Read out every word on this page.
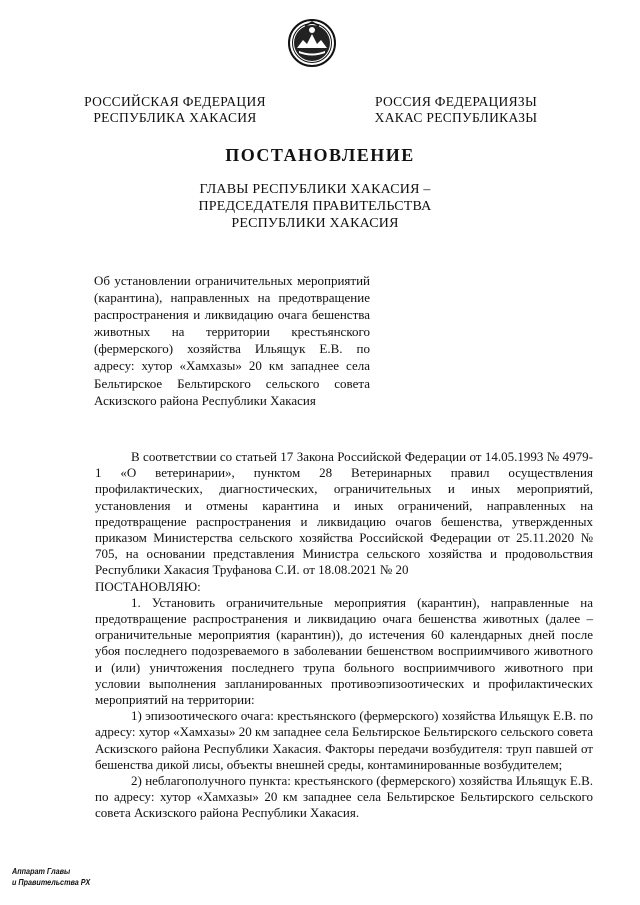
РОССИЙСКАЯ ФЕДЕРАЦИЯ
РЕСПУБЛИКА ХАКАСИЯ
РОССИЯ ФЕДЕРАЦИЯЗЫ
ХАКАС РЕСПУБЛИКАЗЫ
ПОСТАНОВЛЕНИЕ
ГЛАВЫ РЕСПУБЛИКИ ХАКАСИЯ –
ПРЕДСЕДАТЕЛЯ ПРАВИТЕЛЬСТВА
РЕСПУБЛИКИ ХАКАСИЯ
Об установлении ограничительных мероприятий (карантина), направленных на предотвращение распространения и ликвидацию очага бешенства животных на территории крестьянского (фермерского) хозяйства Ильящук Е.В. по адресу: хутор «Хамхазы» 20 км западнее села Бельтирское Бельтирского сельского совета Аскизского района Республики Хакасия

В соответствии со статьей 17 Закона Российской Федерации от 14.05.1993 № 4979-1 «О ветеринарии», пунктом 28 Ветеринарных правил осуществления профилактических, диагностических, ограничительных и иных мероприятий, установления и отмены карантина и иных ограничений, направленных на предотвращение распространения и ликвидацию очагов бешенства, утвержденных приказом Министерства сельского хозяйства Российской Федерации от 25.11.2020 № 705, на основании представления Министра сельского хозяйства и продовольствия Республики Хакасия Труфанова С.И. от 18.08.2021 № 20

ПОСТАНОВЛЯЮ:

1. Установить ограничительные мероприятия (карантин), направленные на предотвращение распространения и ликвидацию очага бешенства животных (далее – ограничительные мероприятия (карантин)), до истечения 60 календарных дней после убоя последнего подозреваемого в заболевании бешенством восприимчивого животного и (или) уничтожения последнего трупа больного восприимчивого животного при условии выполнения запланированных противоэпизоотических и профилактических мероприятий на территории:

1) эпизоотического очага: крестьянского (фермерского) хозяйства Ильящук Е.В. по адресу: хутор «Хамхазы» 20 км западнее села Бельтирское Бельтирского сельского совета Аскизского района Республики Хакасия. Факторы передачи возбудителя: труп павшей от бешенства дикой лисы, объекты внешней среды, контаминированные возбудителем;

2) неблагополучного пункта: крестьянского (фермерского) хозяйства Ильящук Е.В. по адресу: хутор «Хамхазы» 20 км западнее села Бельтирское Бельтирского сельского совета Аскизского района Республики Хакасия.

Аппарат Главы
и Правительства РХ
